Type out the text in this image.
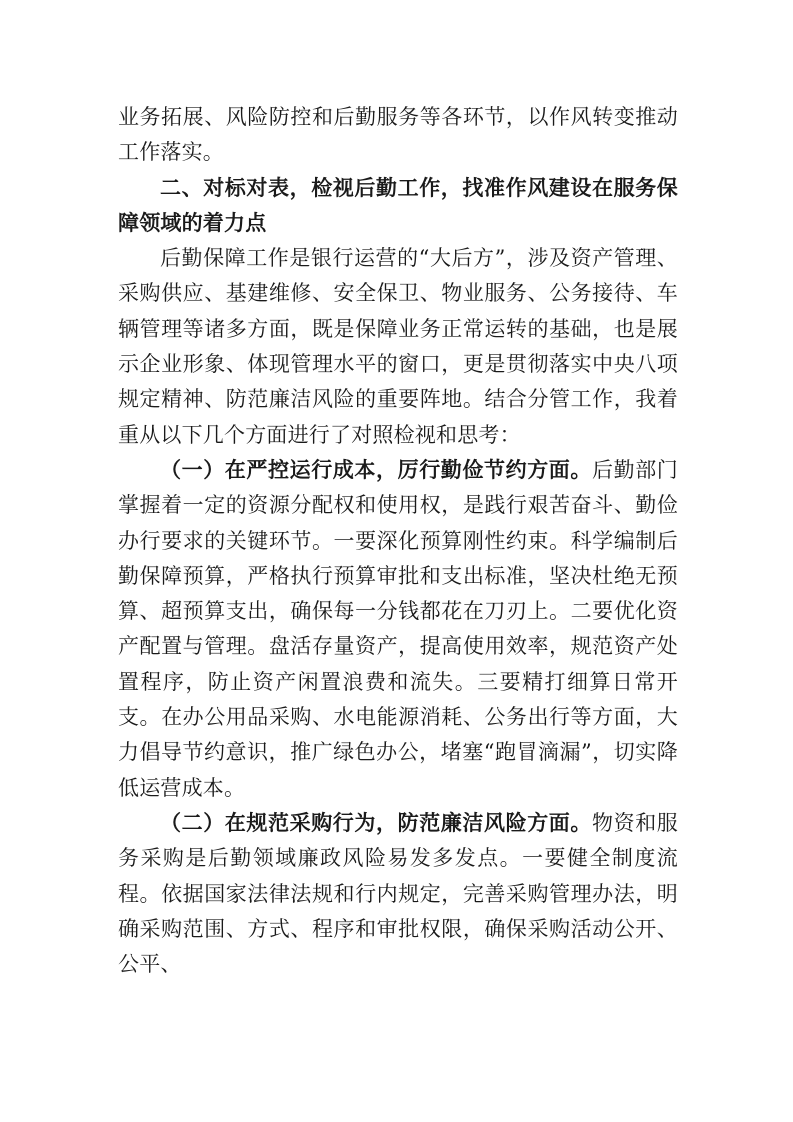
业务拓展、风险防控和后勤服务等各环节，以作风转变推动工作落实。

二、对标对表，检视后勤工作，找准作风建设在服务保障领域的着力点

后勤保障工作是银行运营的“大后方”，涉及资产管理、采购供应、基建维修、安全保卫、物业服务、公务接待、车辆管理等诸多方面，既是保障业务正常运转的基础，也是展示企业形象、体现管理水平的窗口，更是贯彻落实中央八项规定精神、防范廉洁风险的重要阵地。结合分管工作，我着重从以下几个方面进行了对照检视和思考：

（一）在严控运行成本，厉行勤俭节约方面。后勤部门掌握着一定的资源分配权和使用权，是践行艰苦奋斗、勤俭办行要求的关键环节。一要深化预算刚性约束。科学编制后勤保障预算，严格执行预算审批和支出标准，坚决杜绝无预算、超预算支出，确保每一分钱都花在刀刃上。二要优化资产配置与管理。盘活存量资产，提高使用效率，规范资产处置程序，防止资产闲置浪费和流失。三要精打细算日常开支。在办公用品采购、水电能源消耗、公务出行等方面，大力倡导节约意识，推广绿色办公，堵塞“跑冒滴漏”，切实降低运营成本。

（二）在规范采购行为，防范廉洁风险方面。物资和服务采购是后勤领域廉政风险易发多发点。一要健全制度流程。依据国家法律法规和行内规定，完善采购管理办法，明确采购范围、方式、程序和审批权限，确保采购活动公开、公平、
